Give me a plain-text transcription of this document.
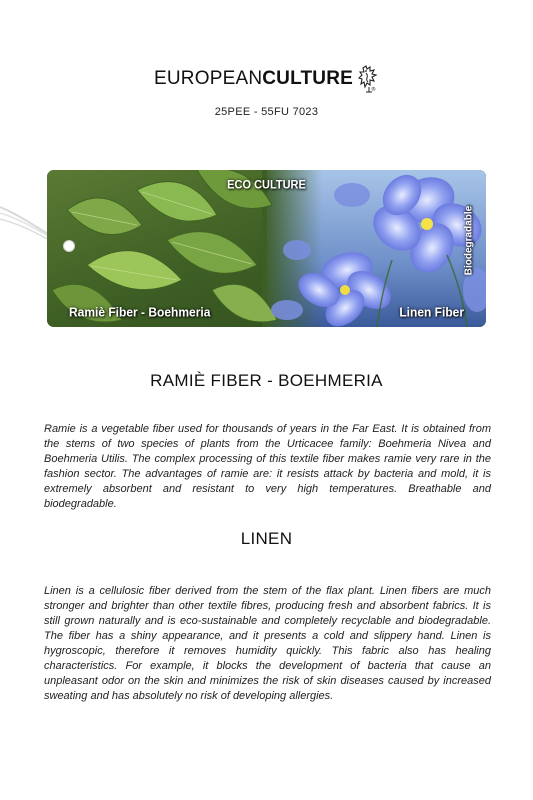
EUROPEANCULTURE
®
25PEE - 55FU 7023
ECO CULTURE
Ramiè Fiber - Boehmeria	Linen Fiber
Biodegradable
RAMIÈ FIBER - BOEHMERIA

Ramie is a vegetable fiber used for thousands of years in the Far East. It is obtained from the stems of two species of plants from the Urticacee family: Boehmeria Nivea and Boehmeria Utilis. The complex processing of this textile fiber makes ramie very rare in the fashion sector. The advantages of ramie are: it resists attack by bacteria and mold, it is extremely absorbent and resistant to very high temperatures. Breathable and biodegradable.

LINEN

Linen is a cellulosic fiber derived from the stem of the flax plant. Linen fibers are much stronger and brighter than other textile fibres, producing fresh and absorbent fabrics. It is still grown naturally and is eco-sustainable and completely recyclable and biodegradable. The fiber has a shiny appearance, and it presents a cold and slippery hand. Linen is hygroscopic, therefore it removes humidity quickly. This fabric also has healing characteristics. For example, it blocks the development of bacteria that cause an unpleasant odor on the skin and minimizes the risk of skin diseases caused by increased sweating and has absolutely no risk of developing allergies.
